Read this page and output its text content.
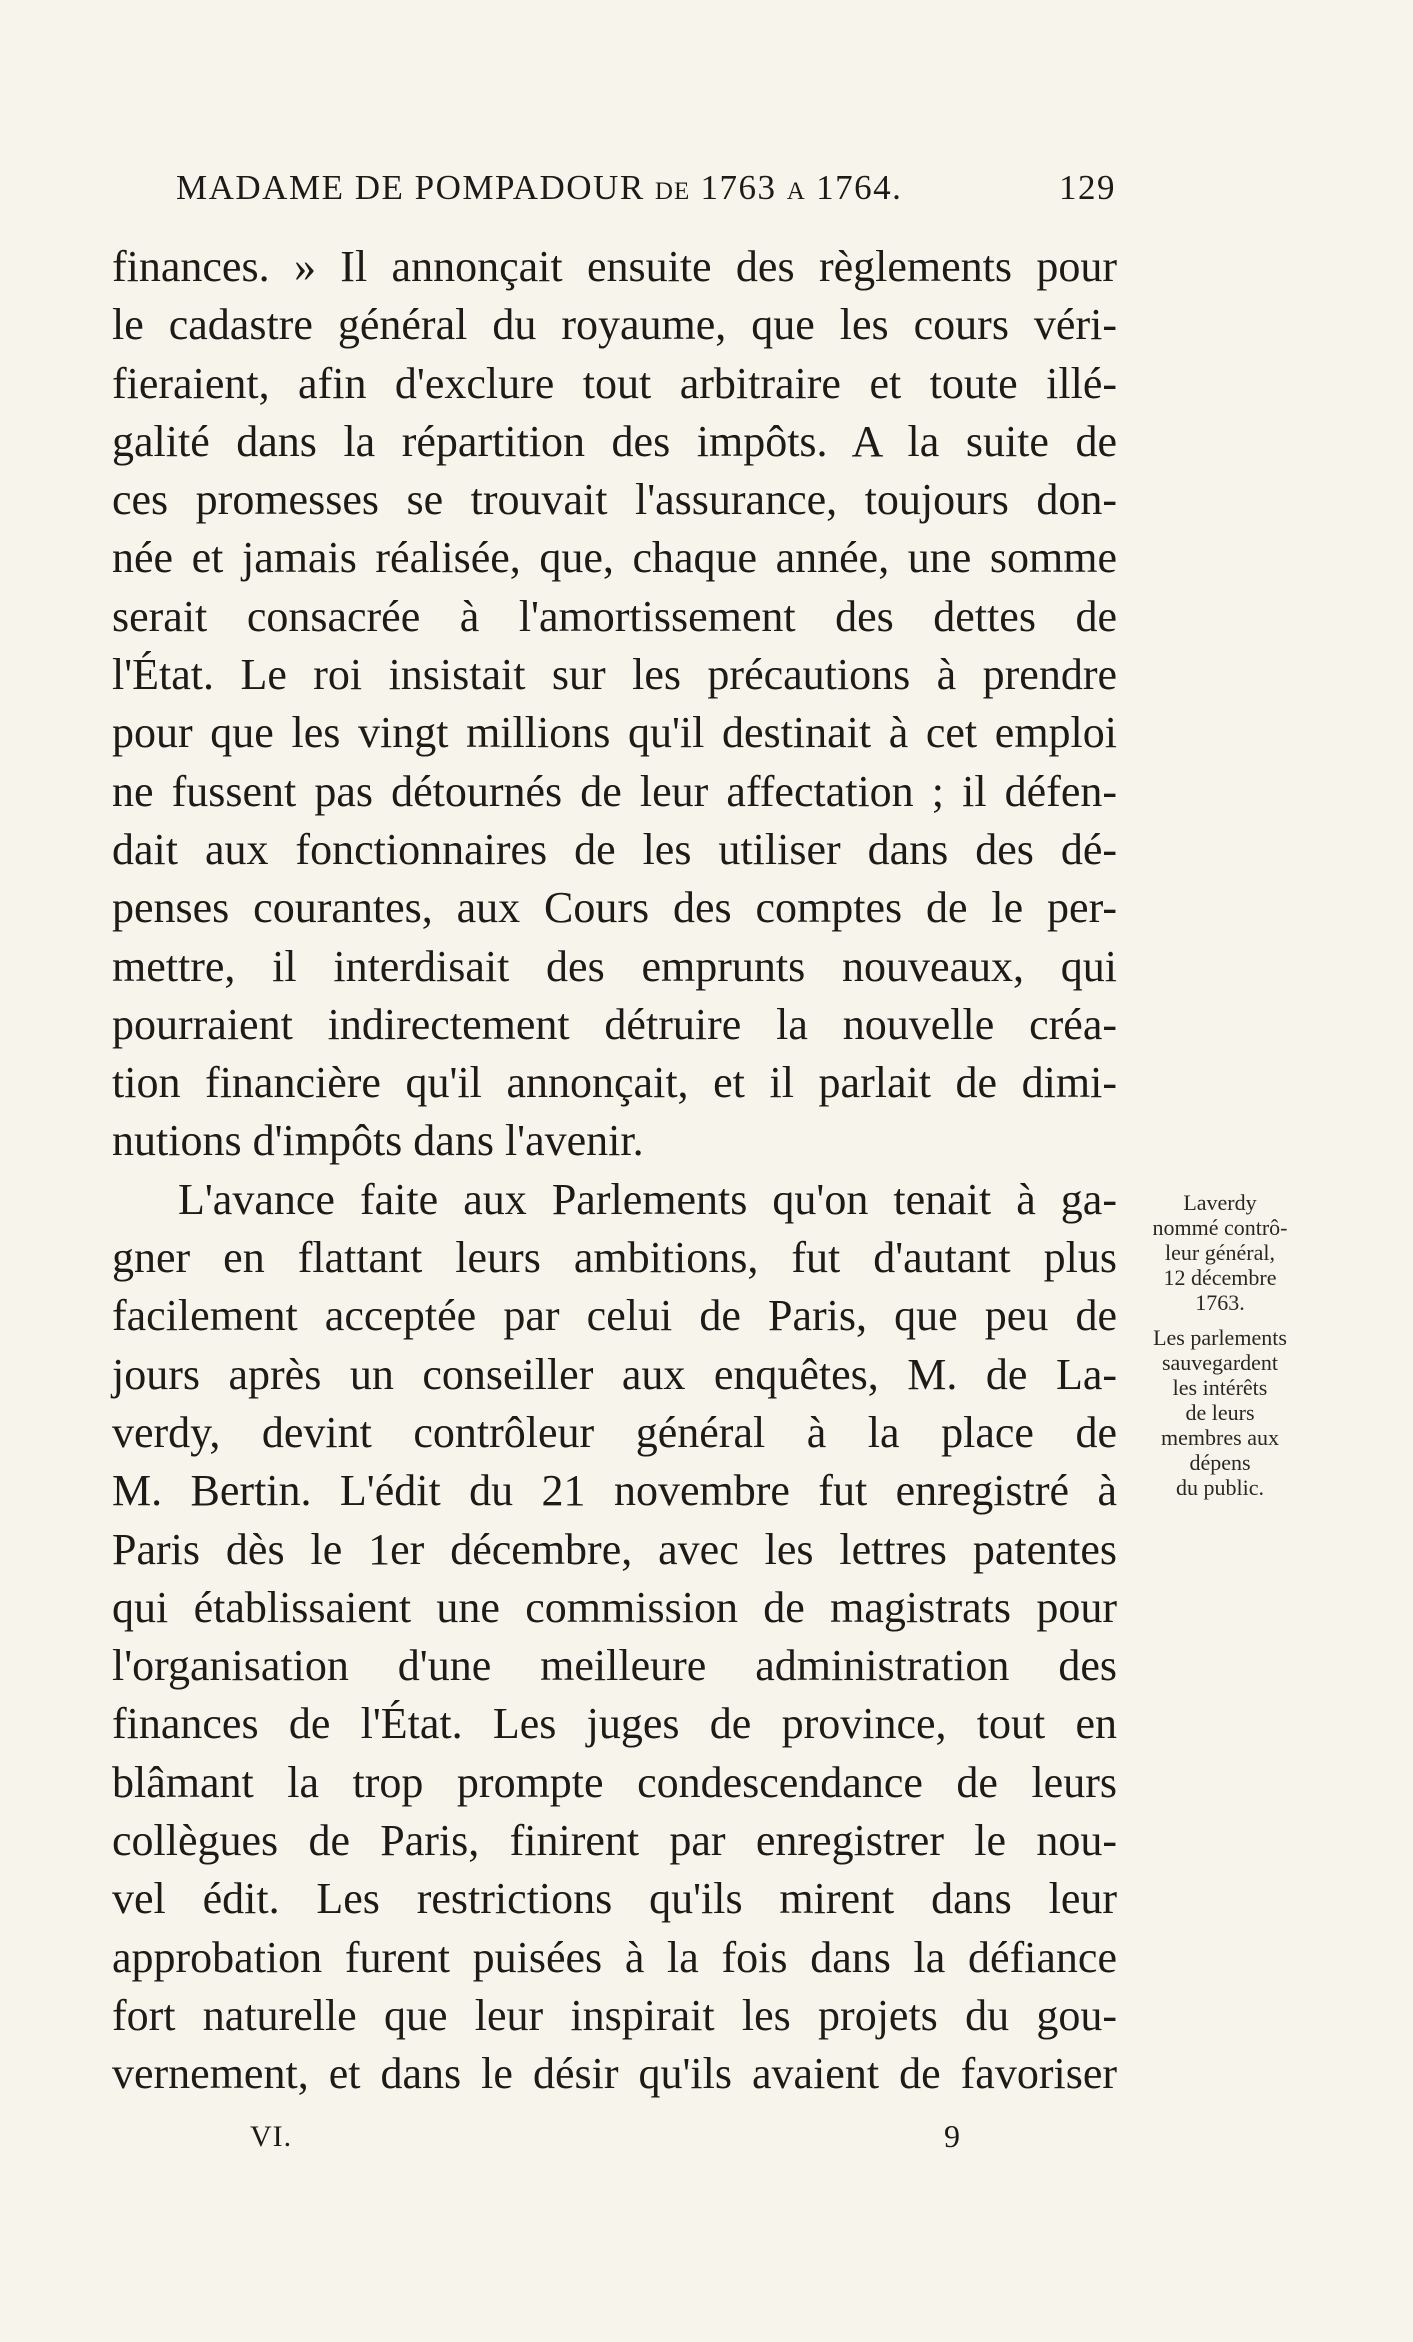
MADAME DE POMPADOUR DE 1763 A 1764.	129
finances. » Il annonçait ensuite des règlements pour
le cadastre général du royaume, que les cours véri-
fieraient, afin d'exclure tout arbitraire et toute illé-
galité dans la répartition des impôts. A la suite de
ces promesses se trouvait l'assurance, toujours don-
née et jamais réalisée, que, chaque année, une somme
serait consacrée à l'amortissement des dettes de
l'État. Le roi insistait sur les précautions à prendre
pour que les vingt millions qu'il destinait à cet emploi
ne fussent pas détournés de leur affectation ; il défen-
dait aux fonctionnaires de les utiliser dans des dé-
penses courantes, aux Cours des comptes de le per-
mettre, il interdisait des emprunts nouveaux, qui
pourraient indirectement détruire la nouvelle créa-
tion financière qu'il annonçait, et il parlait de dimi-
nutions d'impôts dans l'avenir.
L'avance faite aux Parlements qu'on tenait à ga-
gner en flattant leurs ambitions, fut d'autant plus
facilement acceptée par celui de Paris, que peu de
jours après un conseiller aux enquêtes, M. de La-
verdy, devint contrôleur général à la place de
M. Bertin. L'édit du 21 novembre fut enregistré à
Paris dès le 1er décembre, avec les lettres patentes
qui établissaient une commission de magistrats pour
l'organisation d'une meilleure administration des
finances de l'État. Les juges de province, tout en
blâmant la trop prompte condescendance de leurs
collègues de Paris, finirent par enregistrer le nou-
vel édit. Les restrictions qu'ils mirent dans leur
approbation furent puisées à la fois dans la défiance
fort naturelle que leur inspirait les projets du gou-
vernement, et dans le désir qu'ils avaient de favoriser
Laverdy
nommé contrô-
leur général,
12 décembre
1763.
Les parlements
sauvegardent
les intérêts
de leurs
membres aux
dépens
du public.
VI.	9
